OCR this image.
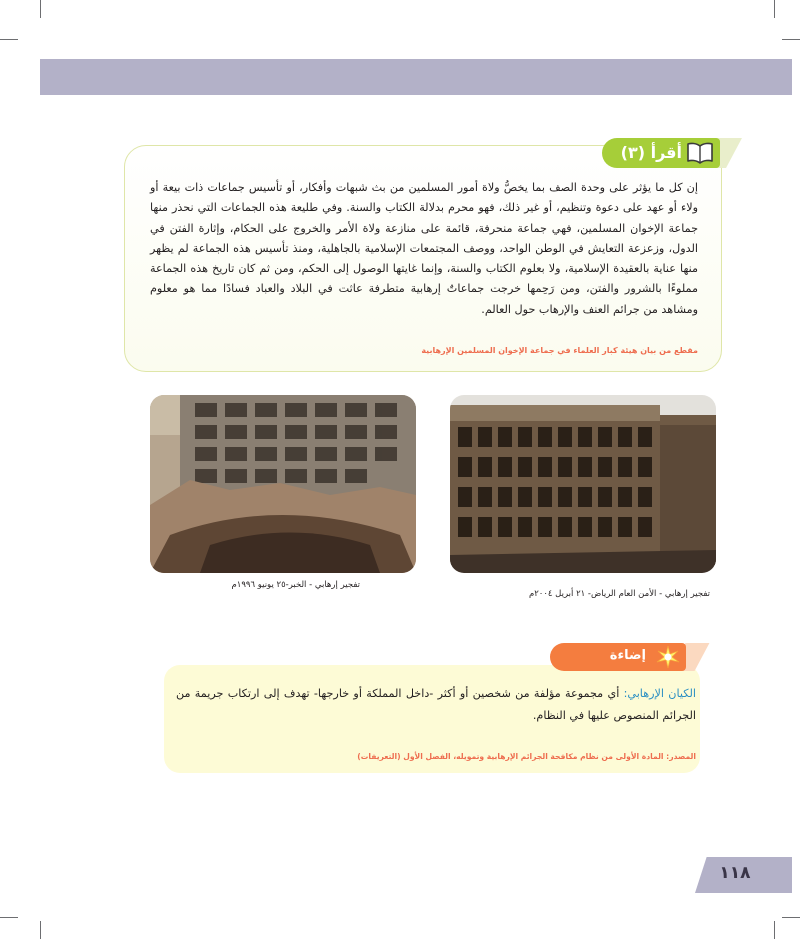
أقرأ (٣)

إن كل ما يؤثر على وحدة الصف بما يخصُّ ولاة أمور المسلمين من بث شبهات وأفكار، أو تأسيس جماعات ذات بيعة أو ولاء أو عهد على دعوة وتنظيم، أو غير ذلك، فهو محرم بدلالة الكتاب والسنة. وفي طليعة هذه الجماعات التي نحذر منها جماعة الإخوان المسلمين، فهي جماعة منحرفة، قائمة على منازعة ولاة الأمر والخروج على الحكام، وإثارة الفتن في الدول، وزعزعة التعايش في الوطن الواحد، ووصف المجتمعات الإسلامية بالجاهلية، ومنذ تأسيس هذه الجماعة لم يظهر منها عناية بالعقيدة الإسلامية، ولا بعلوم الكتاب والسنة، وإنما غايتها الوصول إلى الحكم، ومن ثم كان تاريخ هذه الجماعة مملوءًا بالشرور والفتن، ومن رَحِمها خرجت جماعاتٌ إرهابية متطرفة عاثت في البلاد والعباد فسادًا مما هو معلوم ومشاهد من جرائم العنف والإرهاب حول العالم.

مقطع من بيان هيئة كبار العلماء في جماعة الإخوان المسلمين الإرهابية

تفجير إرهابي - الخبر-٢٥ يونيو ١٩٩٦م
تفجير إرهابي - الأمن العام الرياض- ٢١ أبريل ٢٠٠٤م
إضاءة

الكيان الإرهابي: أي مجموعة مؤلفة من شخصين أو أكثر -داخل المملكة أو خارجها- تهدف إلى ارتكاب جريمة من الجرائم المنصوص عليها في النظام.

المصدر: المادة الأولى من نظام مكافحة الجرائم الإرهابية وتمويله، الفصل الأول (التعريفات)

١١٨
